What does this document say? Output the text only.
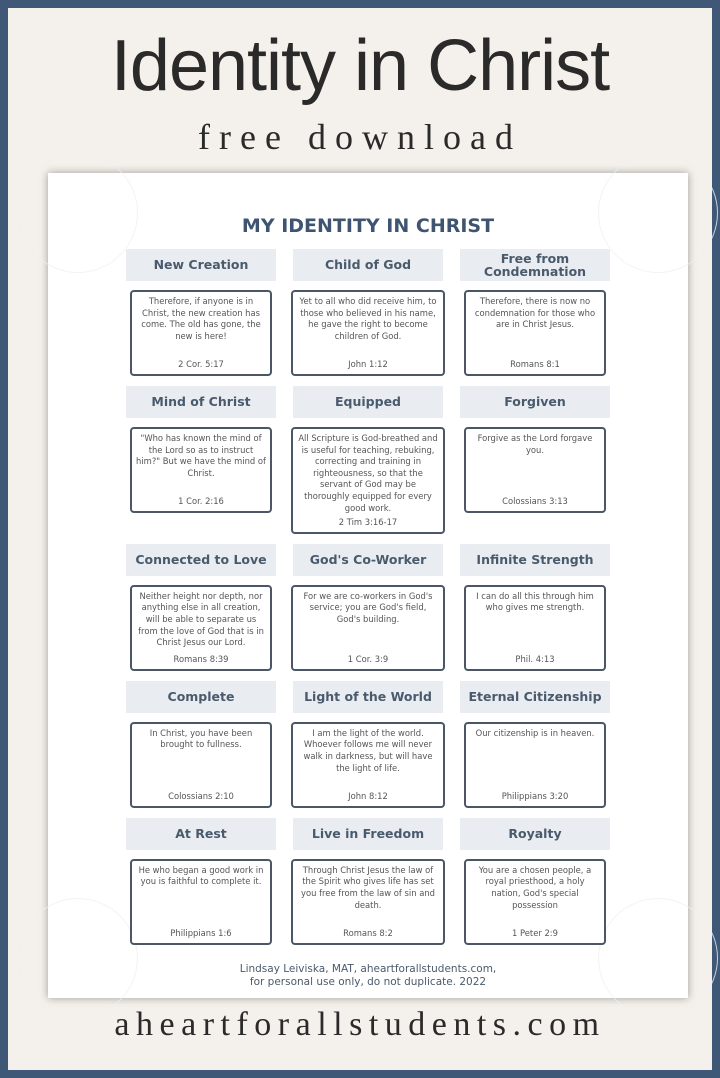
Identity in Christ
free download
MY IDENTITY IN CHRIST
New Creation
Therefore, if anyone is in Christ, the new creation has come. The old has gone, the new is here!
2 Cor. 5:17
Child of God
Yet to all who did receive him, to those who believed in his name, he gave the right to become children of God.
John 1:12
Free from Condemnation
Therefore, there is now no condemnation for those who are in Christ Jesus.
Romans 8:1
Mind of Christ
"Who has known the mind of the Lord so as to instruct him?" But we have the mind of Christ.
1 Cor. 2:16
Equipped
All Scripture is God-breathed and is useful for teaching, rebuking, correcting and training in righteousness, so that the servant of God may be thoroughly equipped for every good work.
2 Tim 3:16-17
Forgiven
Forgive as the Lord forgave you.
Colossians 3:13
Connected to Love
Neither height nor depth, nor anything else in all creation, will be able to separate us from the love of God that is in Christ Jesus our Lord.
Romans 8:39
God's Co-Worker
For we are co-workers in God's service; you are God's field, God's building.
1 Cor. 3:9
Infinite Strength
I can do all this through him who gives me strength.
Phil. 4:13
Complete
In Christ, you have been brought to fullness.
Colossians 2:10
Light of the World
I am the light of the world. Whoever follows me will never walk in darkness, but will have the light of life.
John 8:12
Eternal Citizenship
Our citizenship is in heaven.
Philippians 3:20
At Rest
He who began a good work in you is faithful to complete it.
Philippians 1:6
Live in Freedom
Through Christ Jesus the law of the Spirit who gives life has set you free from the law of sin and death.
Romans 8:2
Royalty
You are a chosen people, a royal priesthood, a holy nation, God's special possession
1 Peter 2:9
Lindsay Leiviska, MAT, aheartforallstudents.com,
for personal use only, do not duplicate. 2022
aheartforallstudents.com
